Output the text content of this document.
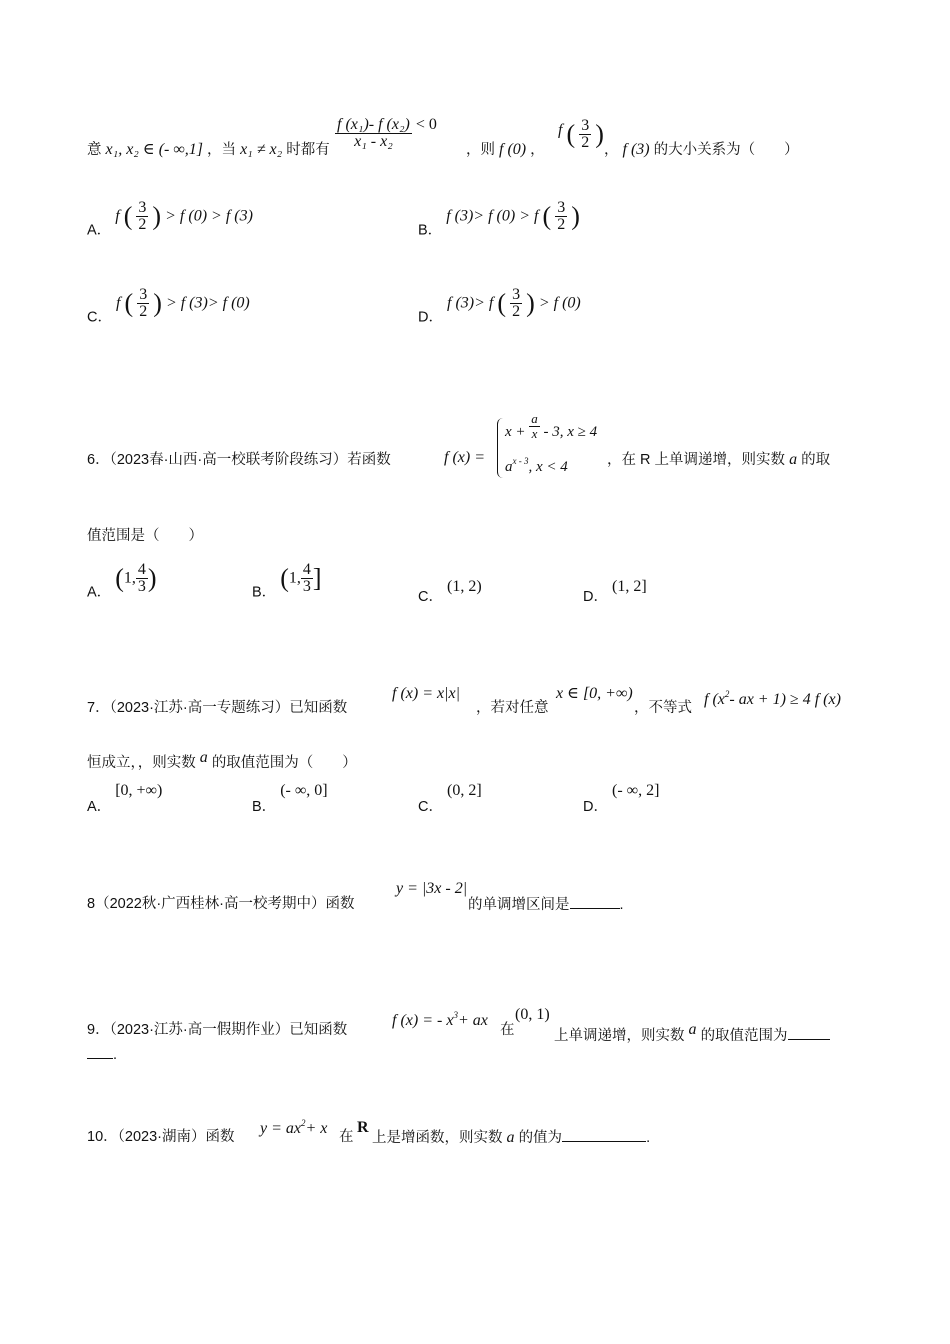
意 x₁, x₂ ∈ (- ∞,1] ，当 x₁ ≠ x₂ 时都有
$\frac{\text{f (x₁)- f (x₂)}}{\text{x₁ - x₂}} < 0$
，则 f (0) ，
f ( $\frac{3}{2}$ )
， f (3) 的大小关系为（　　）
A． f ( $\frac{3}{2}$ ) > f (0) > f (3)
B． f (3)> f (0) > f ( $\frac{3}{2}$ )
C． f ( $\frac{3}{2}$ ) > f (3)> f (0)
D． f (3)> f ( $\frac{3}{2}$ ) > f (0)
6．（2023春·山西·高一校联考阶段练习）若函数	f (x) =
$x + \frac{a}{x} - 3$, x ≥ 4
$a^{x - 3}$, x < 4	，在 R 上单调递增，则实数 a 的取
值范围是（　　）
A． (1, $\frac{4}{3}$ )	B． (1, $\frac{4}{3}$ ]
C． (1, 2)
D． (1, 2]
7．（2023·江苏·高一专题练习）已知函数
f (x) = x|x|
，若对任意
x ∈ [0, +∞)
，不等式 f ($x^2-$ ax + 1) ≥ 4 f (x)
恒成立，，则实数 a 的取值范围为（　　）
A． [0, +∞)
B． (- ∞, 0]
C． (0, 2]
D． (- ∞, 2]
8（2022秋·广西桂林·高一校考期中）函数
y = |3x - 2|
的单调增区间是	.
9．（2023·江苏·高一假期作业）已知函数
f (x) = - $x^3+$ ax
在
(0, 1)
上单调递增，则实数 a 的取值范围为
.
10．（2023·湖南）函数 $y = ax^2+ x$ 在
R
上是增函数，则实数 a 的值为	.
